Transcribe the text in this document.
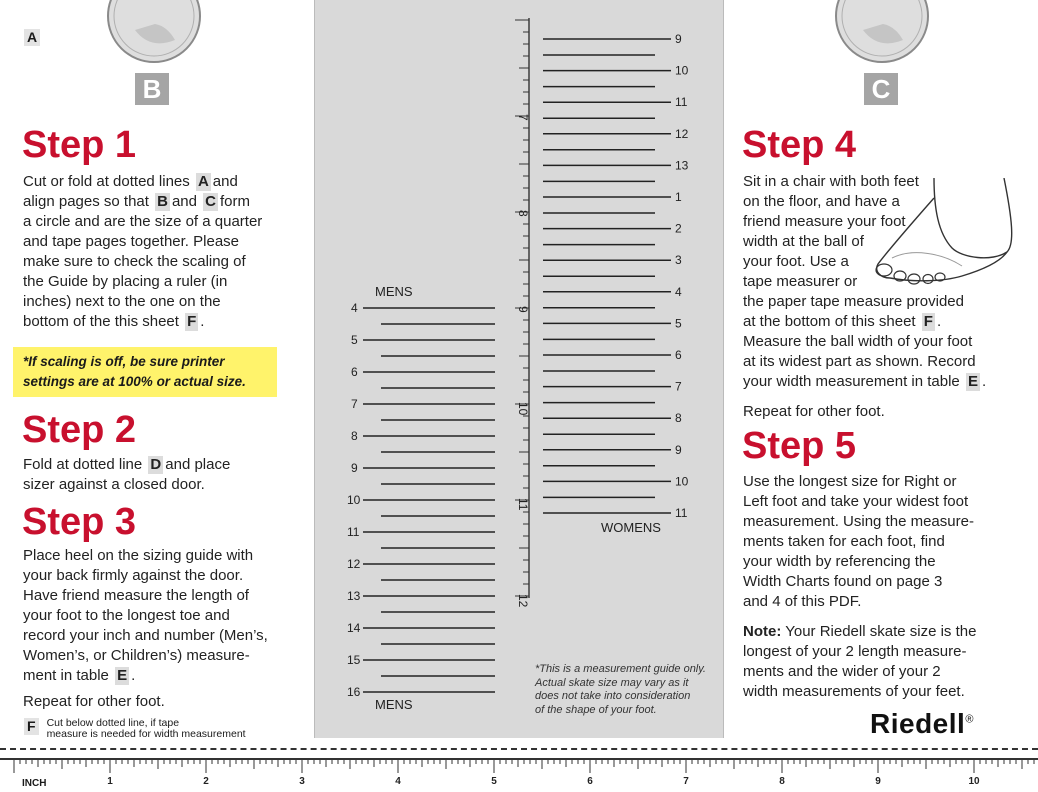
A
B	C
Step 1
Cut or fold at dotted lines A and
align pages so that B and C form
a circle and are the size of a quarter
and tape pages together. Please
make sure to check the scaling of
the Guide by placing a ruler (in
inches) next to the one on the
bottom of the this sheet F .
*If scaling is off, be sure printer
settings are at 100% or actual size.
Step 2
Fold at dotted line D and place
sizer against a closed door.
Step 3
Place heel on the sizing guide with
your back firmly against the door.
Have friend measure the length of
your foot to the longest toe and
record your inch and number (Men’s,
Women’s, or Children’s) measure-
ment in table E .
Repeat for other foot.
F Cut below dotted line, if tape
measure is needed for width measurement
7
8
9
10
11
12
4
5
6
7
8
9
10
11
12
13
14
15
16
9
10
11
12
13
1
2
3
4
5
6
7
8
9
10
11
MENS
MENS
WOMENS
*This is a measurement guide only.
Actual skate size may vary as it
does not take into consideration
of the shape of your foot.
Step 4
Sit in a chair with both feet
on the floor, and have a
friend measure your foot
width at the ball of
your foot. Use a
tape measurer or
the paper tape measure provided
at the bottom of this sheet F .
Measure the ball width of your foot
at its widest part as shown. Record
your width measurement in table E .
Repeat for other foot.
Step 5
Use the longest size for Right or
Left foot and take your widest foot
measurement. Using the measure-
ments taken for each foot, find
your width by referencing the
Width Charts found on page 3
and 4 of this PDF.
Note: Your Riedell skate size is the
longest of your 2 length measure-
ments and the wider of your 2
width measurements of your feet.
Riedell®
1	2	3	4	5	6	7	8	9	10
INCH
